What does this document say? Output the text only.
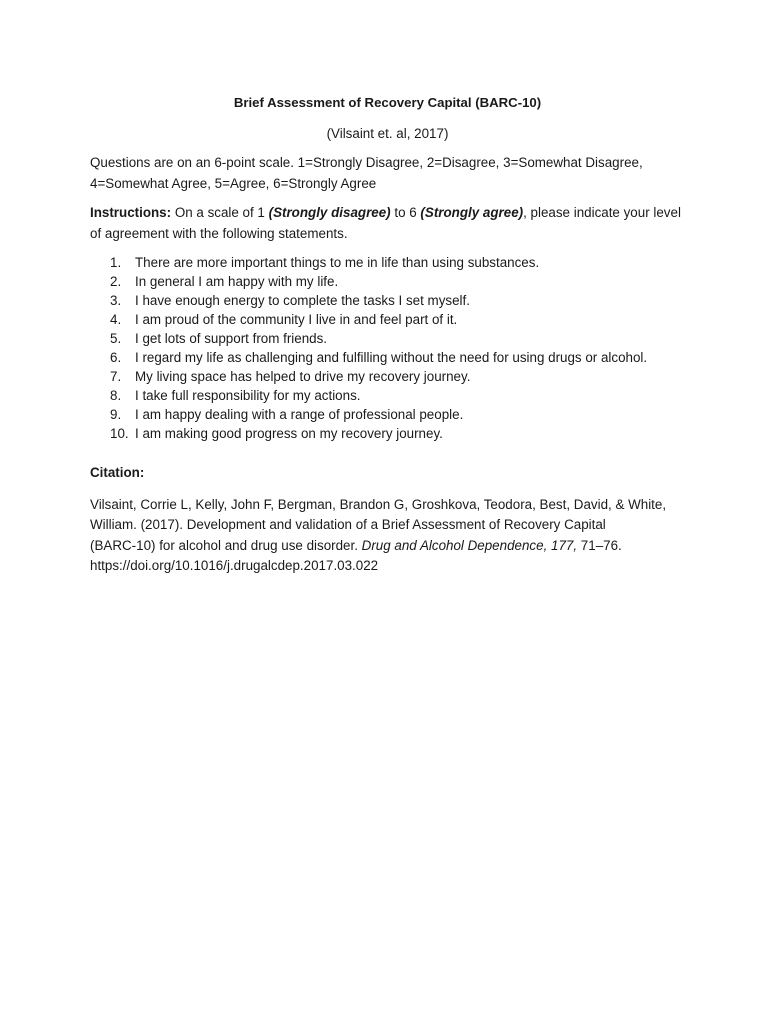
Brief Assessment of Recovery Capital (BARC-10)
(Vilsaint et. al, 2017)
Questions are on an 6-point scale. 1=Strongly Disagree, 2=Disagree, 3=Somewhat Disagree,
4=Somewhat Agree, 5=Agree, 6=Strongly Agree
Instructions: On a scale of 1 (Strongly disagree) to 6 (Strongly agree), please indicate your level
of agreement with the following statements.
1.	There are more important things to me in life than using substances.
2.	In general I am happy with my life.
3.	I have enough energy to complete the tasks I set myself.
4.	I am proud of the community I live in and feel part of it.
5.	I get lots of support from friends.
6.	I regard my life as challenging and fulfilling without the need for using drugs or alcohol.
7.	My living space has helped to drive my recovery journey.
8.	I take full responsibility for my actions.
9.	I am happy dealing with a range of professional people.
10. I am making good progress on my recovery journey.
Citation:
Vilsaint, Corrie L, Kelly, John F, Bergman, Brandon G, Groshkova, Teodora, Best, David, & White,
William. (2017). Development and validation of a Brief Assessment of Recovery Capital
(BARC-10) for alcohol and drug use disorder. Drug and Alcohol Dependence, 177, 71–76.
https://doi.org/10.1016/j.drugalcdep.2017.03.022
